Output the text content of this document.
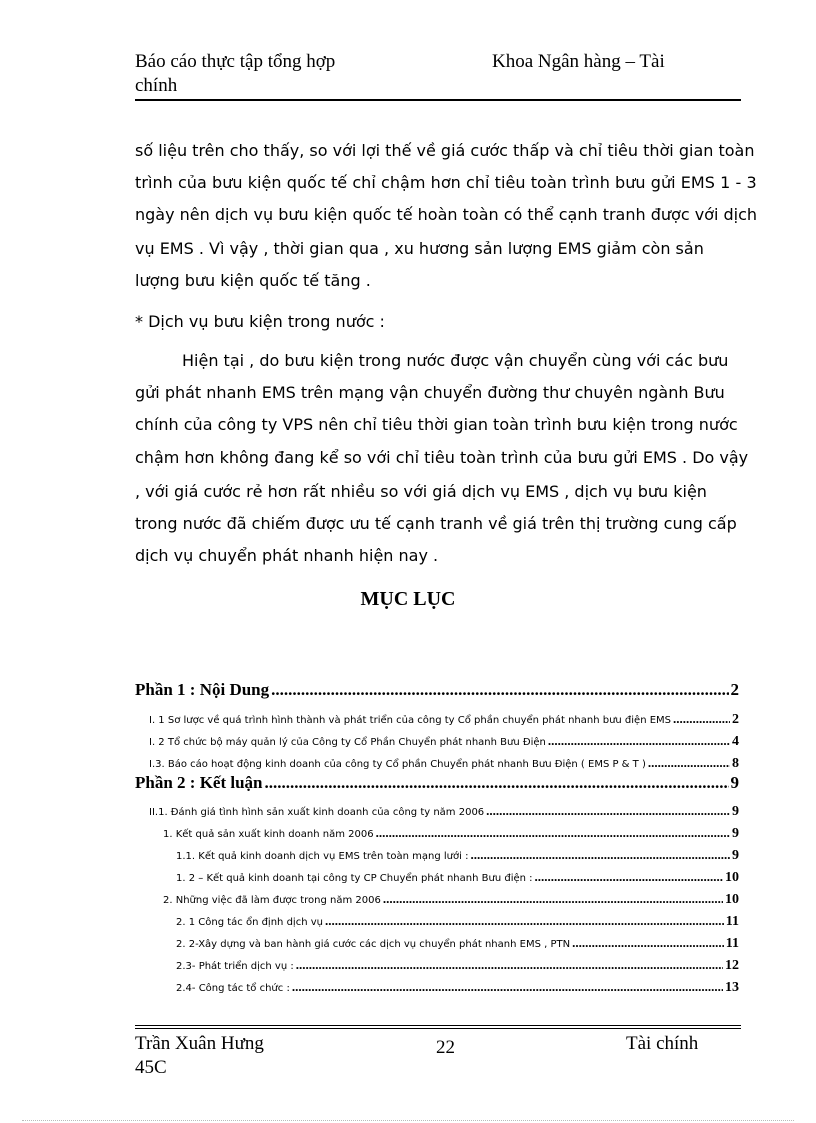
Báo cáo thực tập tổng hợp
chính
Khoa Ngân hàng – Tài
số liệu trên cho thấy, so với lợi thế về giá cước thấp và chỉ tiêu thời gian toàn
trình của bưu kiện quốc tế chỉ chậm hơn chỉ tiêu toàn trình bưu gửi EMS 1 - 3
ngày nên dịch vụ bưu kiện quốc tế hoàn toàn có thể cạnh tranh được với dịch
vụ EMS . Vì vậy , thời gian qua , xu hương sản lượng EMS giảm còn sản
lượng bưu kiện quốc tế tăng .
* Dịch vụ bưu kiện trong nước :
Hiện tại , do bưu kiện trong nước được vận chuyển cùng với các bưu
gửi phát nhanh EMS trên mạng vận chuyển đường thư chuyên ngành Bưu
chính của công ty VPS nên chỉ tiêu thời gian toàn trình bưu kiện trong nước
chậm hơn không đang kể so với chỉ tiêu toàn trình của bưu gửi EMS . Do vậy
, với giá cước rẻ hơn rất nhiều so với giá dịch vụ EMS , dịch vụ bưu kiện
trong nước đã chiếm được ưu tế cạnh tranh về giá trên thị trường cung cấp
dịch vụ chuyển phát nhanh hiện nay .
MỤC LỤC
Phần 1 : Nội Dung .....	2
I. 1 Sơ lược về quá trình hình thành và phát triển của công ty Cổ phần chuyển phát nhanh bưu điện EMS .....	2
I. 2 Tổ chức bộ máy quản lý của Công ty Cổ Phần Chuyển phát nhanh Bưu Điện .....	4
I.3. Báo cáo hoạt động kinh doanh của công ty Cổ phần Chuyển phát nhanh Bưu Điện ( EMS P & T ) .....	8
Phần 2 : Kết luận .....	9
II.1. Đánh giá tình hình sản xuất kinh doanh của công ty năm 2006 .....	9
1. Kết quả sản xuất kinh doanh năm 2006 .....	9
1.1. Kết quả kinh doanh dịch vụ EMS trên toàn mạng lưới : .....	9
1. 2 – Kết quả kinh doanh tại công ty CP Chuyển phát nhanh Bưu điện : .....	10
2. Những việc đã làm được trong năm 2006 .....	10
2. 1 Công tác ổn định dịch vụ .....	11
2. 2-Xây dựng và ban hành giá cước các dịch vụ chuyển phát nhanh EMS , PTN .....	11
2.3- Phát triển dịch vụ : .....	12
2.4- Công tác tổ chức : .....	13
Trần Xuân Hưng
45C
22	Tài chính
